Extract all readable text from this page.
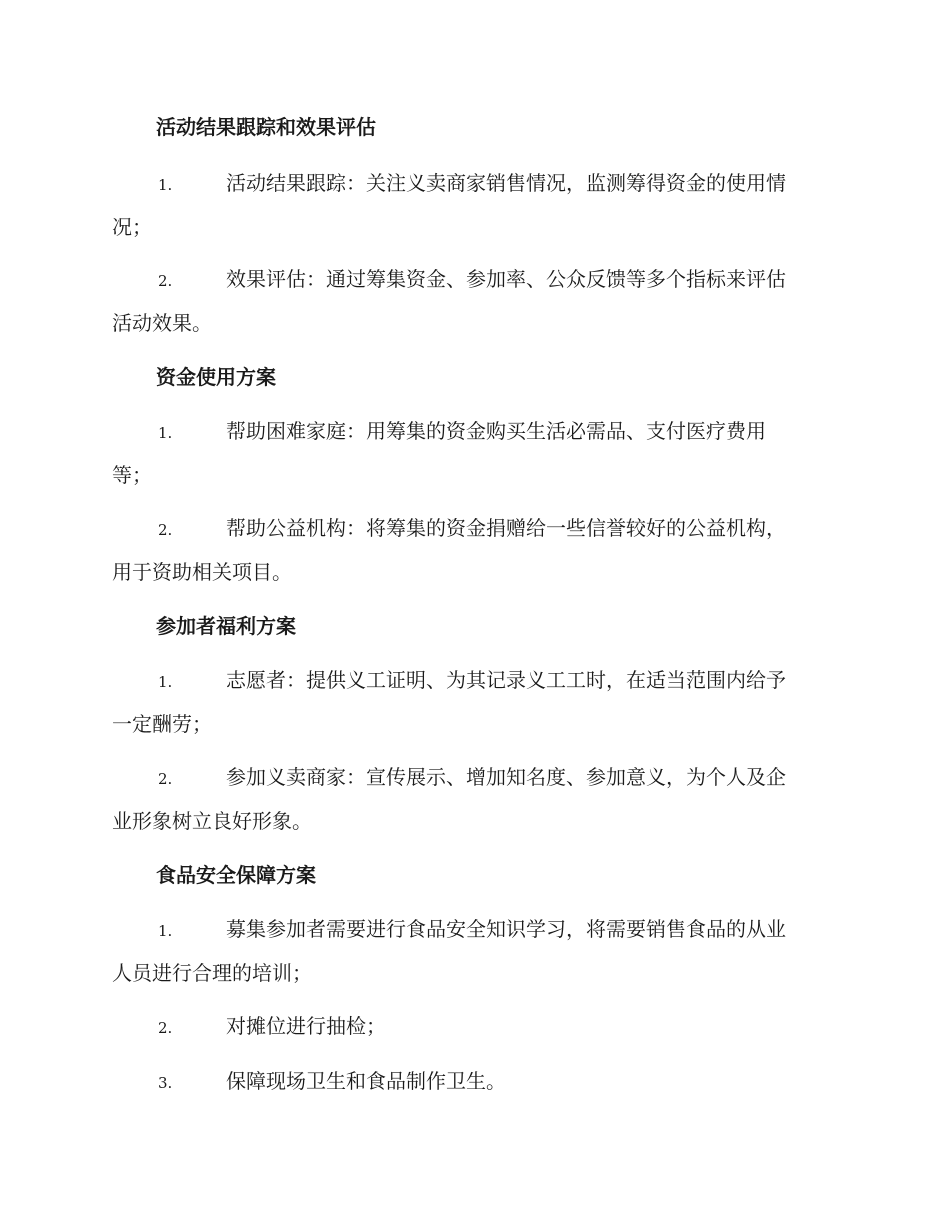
活动结果跟踪和效果评估
1.	活动结果跟踪：关注义卖商家销售情况，监测筹得资金的使用情
况；
2.	效果评估：通过筹集资金、参加率、公众反馈等多个指标来评估
活动效果。
资金使用方案
1.	帮助困难家庭：用筹集的资金购买生活必需品、支付医疗费用
等；
2.	帮助公益机构：将筹集的资金捐赠给一些信誉较好的公益机构，
用于资助相关项目。
参加者福利方案
1.	志愿者：提供义工证明、为其记录义工工时，在适当范围内给予
一定酬劳；
2.	参加义卖商家：宣传展示、增加知名度、参加意义，为个人及企
业形象树立良好形象。
食品安全保障方案
1.	募集参加者需要进行食品安全知识学习，将需要销售食品的从业
人员进行合理的培训；
2.	对摊位进行抽检；
3.	保障现场卫生和食品制作卫生。
